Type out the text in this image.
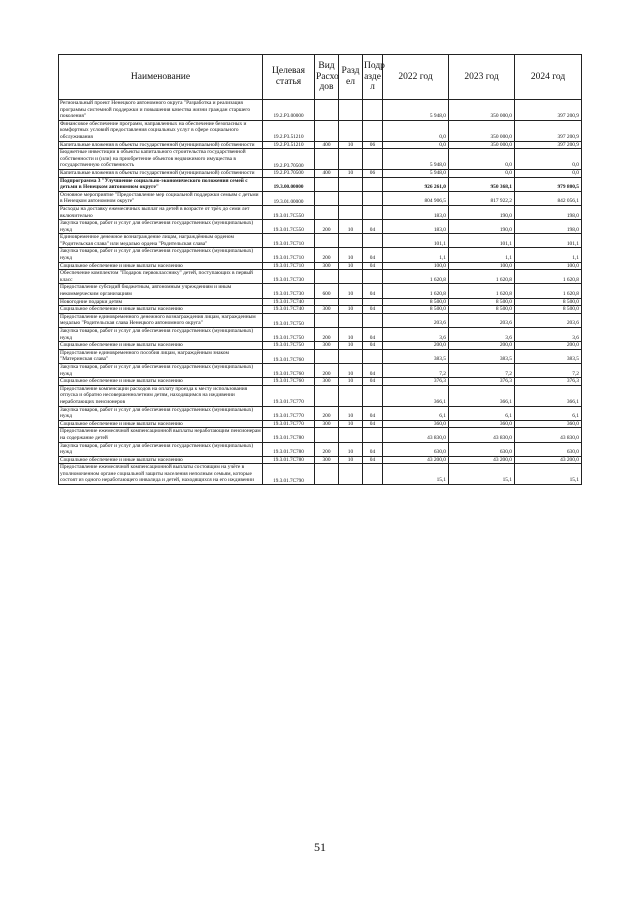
Наименование	Целевая статья	Вид Расхо дов	Разд ел	Подр азде л	2022 год	2023 год	2024 год
Региональный проект Ненецкого автономного округа "Разработка и реализация программы системной поддержки и повышения качества жизни граждан старшего поколения"	19.2.P3.00000				5 948,0	350 000,0	397 200,9
Финансовое обеспечение программ, направленных на обеспечение безопасных и комфортных условий предоставления социальных услуг в сфере социального обслуживания	19.2.P3.51210				0,0	350 000,0	397 200,9
Капитальные вложения в объекты государственной (муниципальной) собственности	19.2.P3.51210	400	10	06	0,0	350 000,0	397 200,9
Бюджетные инвестиции в объекты капитального строительства государственной собственности и (или) на приобретение объектов недвижимого имущества в государственную собственность	19.2.P3.70500				5 948,0	0,0	0,0
Капитальные вложения в объекты государственной (муниципальной) собственности	19.2.P3.70500	400	10	06	5 948,0	0,0	0,0
Подпрограмма 3 "Улучшение социально-экономического положения семей с детьми в Ненецком автономном округе"	19.3.00.00000				926 261,0	950 368,1	979 800,5
Основное мероприятие "Предоставление мер социальной поддержки семьям с детьми в Ненецком автономном округе"	19.3.01.00000				804 906,5	817 922,2	842 056,1
Расходы на доставку ежемесячных выплат на детей в возрасте от трёх до семи лет включительно	19.3.01.7С550				183,0	190,0	198,0
Закупка товаров, работ и услуг для обеспечения государственных (муниципальных) нужд	19.3.01.7С550	200	10	04	183,0	190,0	198,0
Единовременное денежное вознаграждение лицам, награждённым орденом "Родительская слава" или медалью ордена "Родительская слава"	19.3.01.7С710				101,1	101,1	101,1
Закупка товаров, работ и услуг для обеспечения государственных (муниципальных) нужд	19.3.01.7С710	200	10	04	1,1	1,1	1,1
Социальное обеспечение и иные выплаты населению	19.3.01.7С710	300	10	04	100,0	100,0	100,0
Обеспечение комплектом "Подарок первокласснику" детей, поступающих в первый класс	19.3.01.7С730				1 620,8	1 620,8	1 620,8
Предоставление субсидий бюджетным, автономным учреждениям и иным некоммерческим организациям	19.3.01.7С730	600	10	04	1 620,8	1 620,8	1 620,8
Новогодние подарки детям	19.3.01.7С740				8 500,0	8 500,0	8 500,0
Социальное обеспечение и иные выплаты населению	19.3.01.7С740	300	10	04	8 500,0	8 500,0	8 500,0
Предоставление единовременного денежного вознаграждения лицам, награжденным медалью "Родительская слава Ненецкого автономного округа"	19.3.01.7С750				203,6	203,6	203,6
Закупка товаров, работ и услуг для обеспечения государственных (муниципальных) нужд	19.3.01.7С750	200	10	04	3,6	3,6	3,6
Социальное обеспечение и иные выплаты населению	19.3.01.7С750	300	10	04	200,0	200,0	200,0
Предоставление единовременного пособия лицам, награждённым знаком "Материнская слава"	19.3.01.7С760				383,5	383,5	383,5
Закупка товаров, работ и услуг для обеспечения государственных (муниципальных) нужд	19.3.01.7С760	200	10	04	7,2	7,2	7,2
Социальное обеспечение и иные выплаты населению	19.3.01.7С760	300	10	04	376,3	376,3	376,3
Предоставление компенсации расходов на оплату проезда к месту использования отпуска и обратно несовершеннолетним детям, находящимся на иждивении неработающих пенсионеров	19.3.01.7С770				366,1	366,1	366,1
Закупка товаров, работ и услуг для обеспечения государственных (муниципальных) нужд	19.3.01.7С770	200	10	04	6,1	6,1	6,1
Социальное обеспечение и иные выплаты населению	19.3.01.7С770	300	10	04	360,0	360,0	360,0
Предоставление ежемесячной компенсационной выплаты неработающим пенсионерам на содержание детей	19.3.01.7С780				43 830,0	43 830,0	43 830,0
Закупка товаров, работ и услуг для обеспечения государственных (муниципальных) нужд	19.3.01.7С780	200	10	04	630,0	630,0	630,0
Социальное обеспечение и иные выплаты населению	19.3.01.7С780	300	10	04	43 200,0	43 200,0	43 200,0
Предоставление ежемесячной компенсационной выплаты состоящим на учёте в уполномоченном органе социальной защиты населения неполным семьям, которые состоят из одного неработающего инвалида и детей, находящихся на его иждивении	19.3.01.7С790				15,1	15,1	15,1
51
